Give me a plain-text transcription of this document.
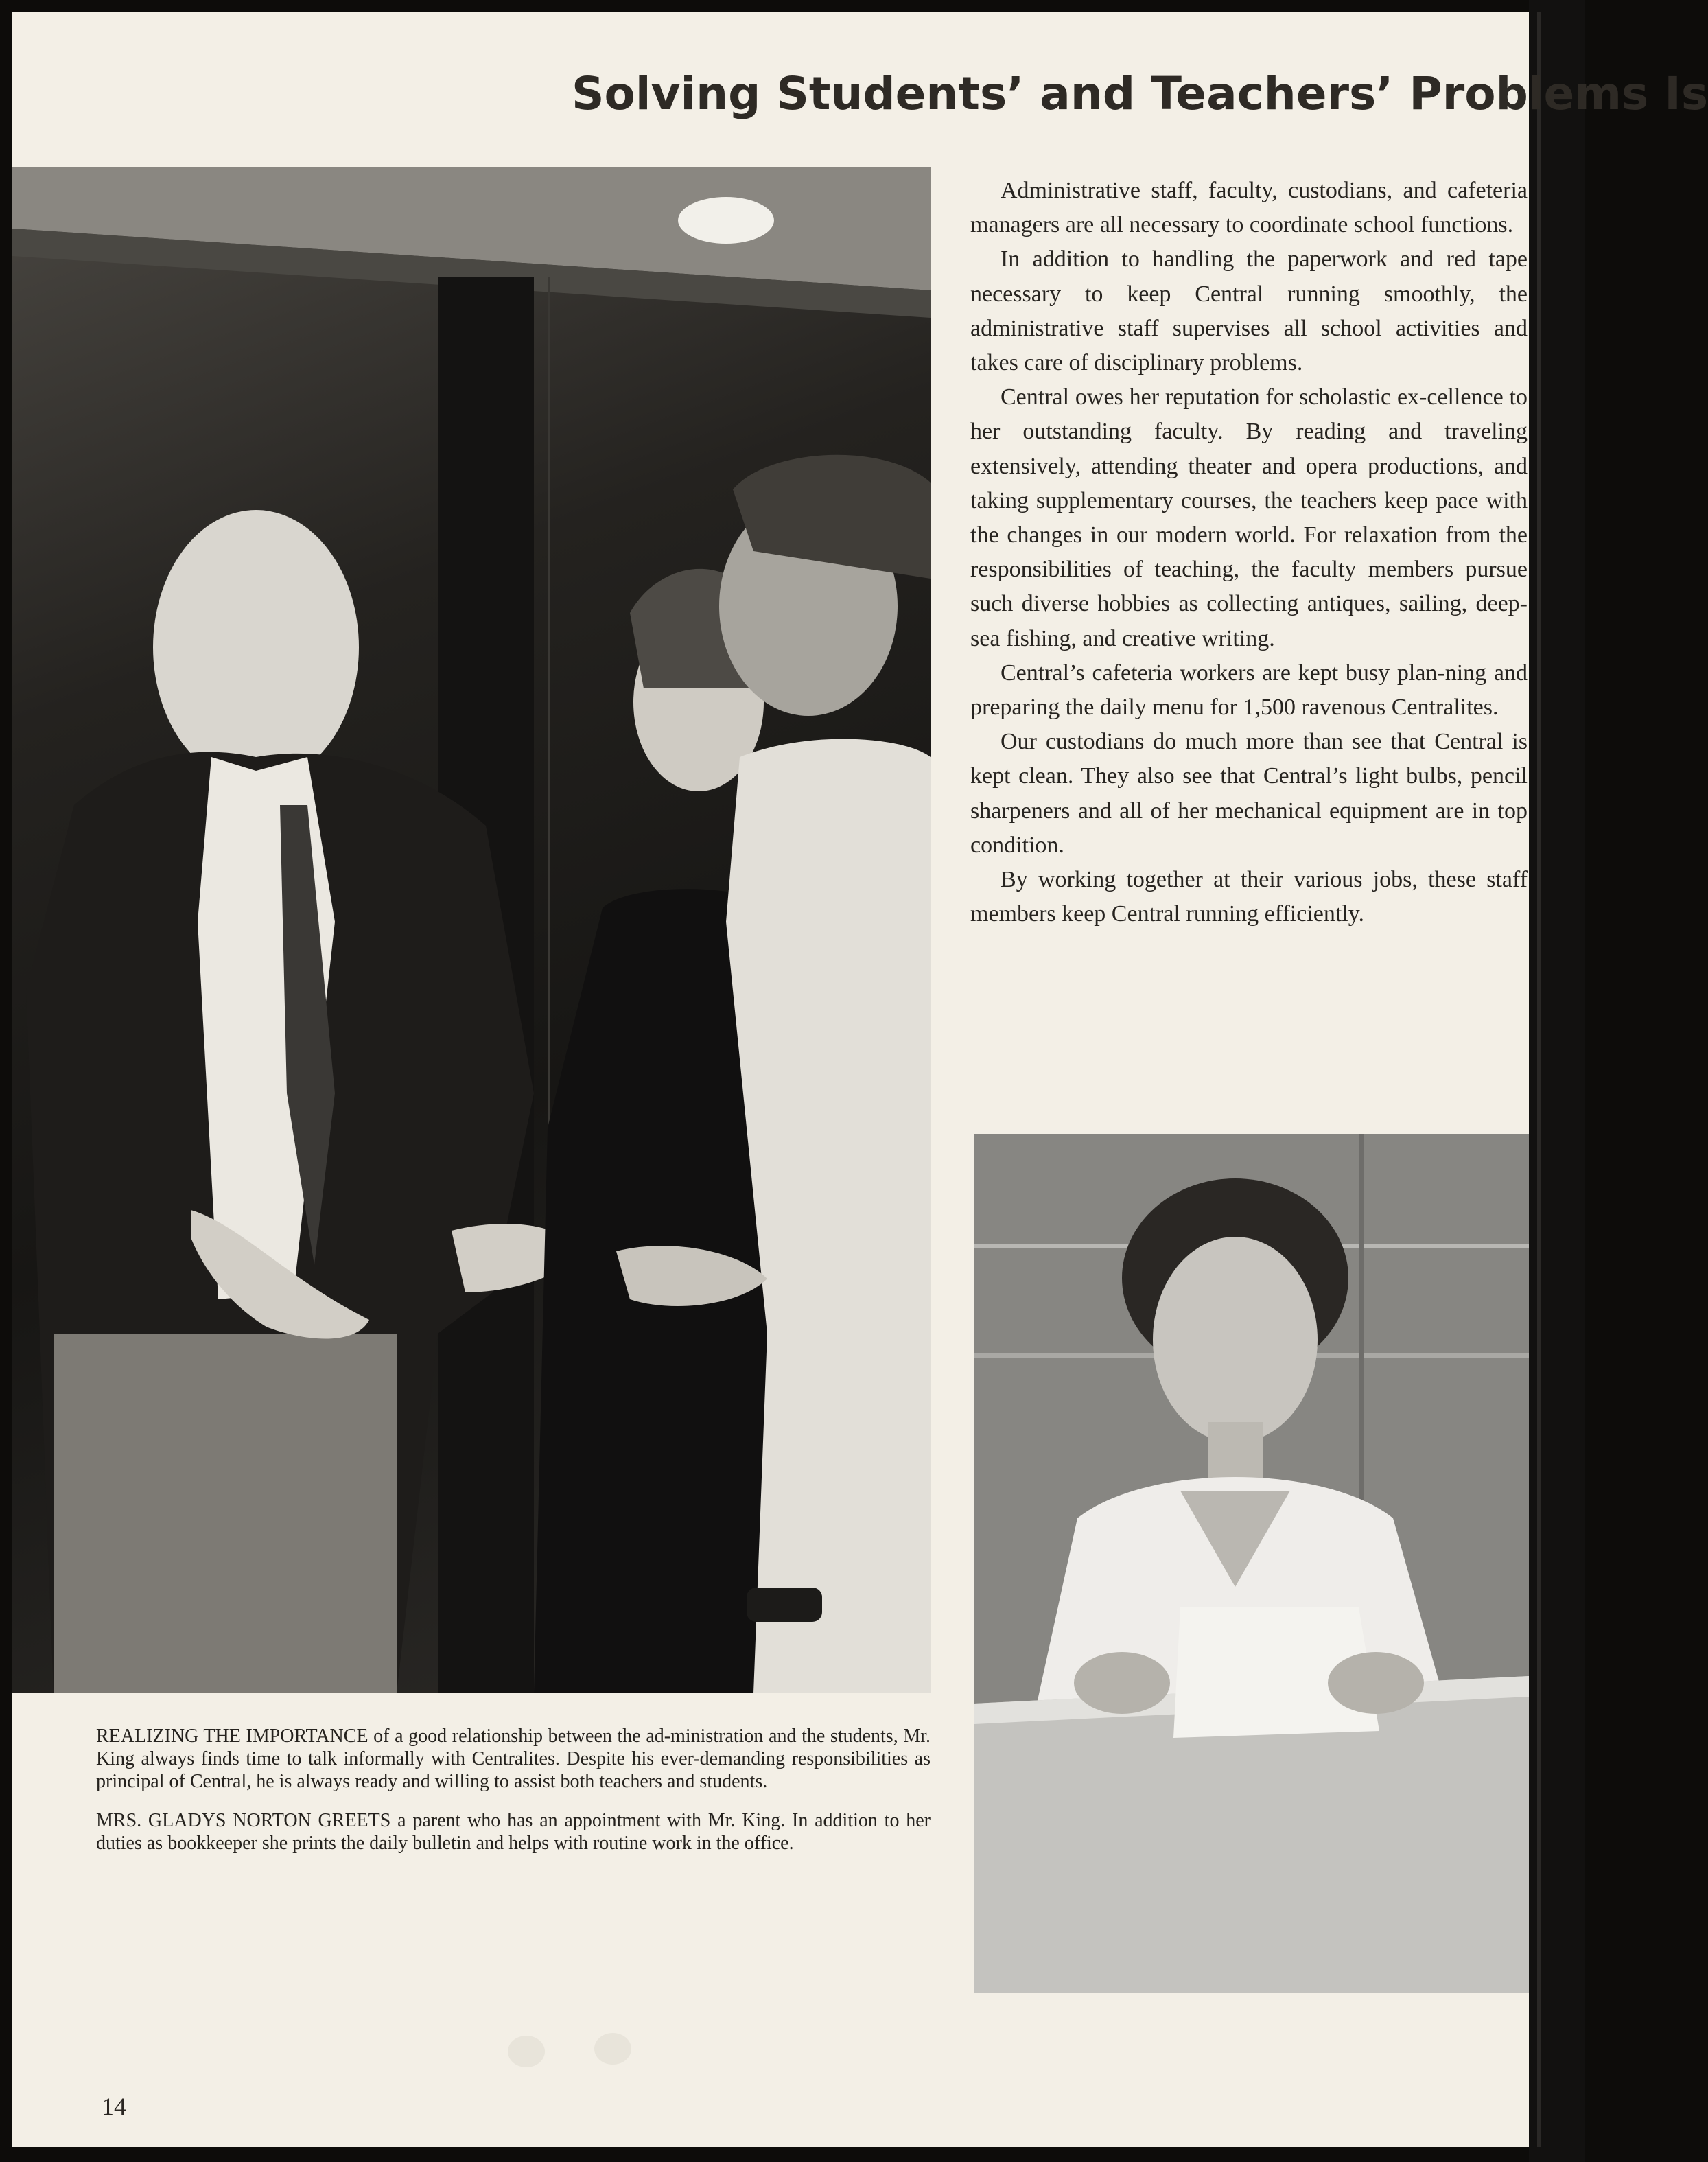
Solving Students’ and Teachers’ Problems Is

Administrative staff, faculty, custodians, and cafeteria managers are all necessary to coordinate school functions.

In addition to handling the paperwork and red tape necessary to keep Central running smoothly, the administrative staff supervises all school activities and takes care of disciplinary problems.

Central owes her reputation for scholastic ex-cellence to her outstanding faculty. By reading and traveling extensively, attending theater and opera productions, and taking supplementary courses, the teachers keep pace with the changes in our modern world. For relaxation from the responsibilities of teaching, the faculty members pursue such diverse hobbies as collecting antiques, sailing, deep-sea fishing, and creative writing.

Central’s cafeteria workers are kept busy plan-ning and preparing the daily menu for 1,500 ravenous Centralites.

Our custodians do much more than see that Central is kept clean. They also see that Central’s light bulbs, pencil sharpeners and all of her mechanical equipment are in top condition.

By working together at their various jobs, these staff members keep Central running efficiently.

REALIZING THE IMPORTANCE of a good relationship between the ad-ministration and the students, Mr. King always finds time to talk informally with Centralites. Despite his ever-demanding responsibilities as principal of Central, he is always ready and willing to assist both teachers and students.

MRS. GLADYS NORTON GREETS a parent who has an appointment with Mr. King. In addition to her duties as bookkeeper she prints the daily bulletin and helps with routine work in the office.

14
